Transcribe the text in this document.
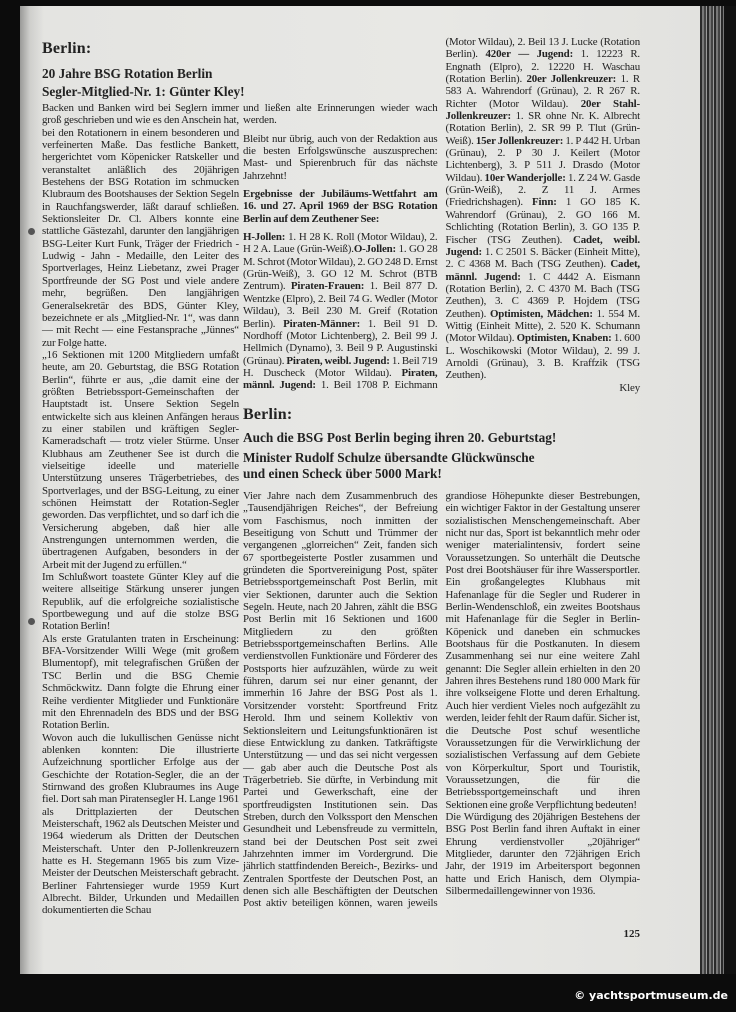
Berlin:
20 Jahre BSG Rotation Berlin
Segler-Mitglied-Nr. 1: Günter Kley!

Backen und Banken wird bei Seglern immer groß geschrieben und wie es den Anschein hat, bei den Rotationern in einem besonderen und verfeinerten Maße. Das festliche Bankett, hergerichtet vom Köpenicker Ratskeller und veranstaltet anläßlich des 20jährigen Bestehens der BSG Rotation im schmucken Klubraum des Bootshauses der Sektion Segeln in Rauchfangswerder, läßt darauf schließen. Sektionsleiter Dr. Cl. Albers konnte eine stattliche Gästezahl, darunter den langjährigen BSG-Leiter Kurt Funk, Träger der Friedrich - Ludwig - Jahn - Medaille, den Leiter des Sportverlages, Heinz Liebetanz, zwei Prager Sportfreunde der SG Post und viele andere mehr, begrüßen. Den langjährigen Generalsekretär des BDS, Günter Kley, bezeichnete er als „Mitglied-Nr. 1“, was dann — mit Recht — eine Festansprache „Jünnes“ zur Folge hatte.

„16 Sektionen mit 1200 Mitgliedern umfaßt heute, am 20. Geburtstag, die BSG Rotation Berlin“, führte er aus, „die damit eine der größten Betriebssport-Gemeinschaften der Hauptstadt ist. Unsere Sektion Segeln entwickelte sich aus kleinen Anfängen heraus zu einer stabilen und kräftigen Segler-Kameradschaft — trotz vieler Stürme. Unser Klubhaus am Zeuthener See ist durch die vielseitige ideelle und materielle Unterstützung unseres Trägerbetriebes, des Sportverlages, und der BSG-Leitung, zu einer schönen Heimstatt der Rotation-Segler geworden. Das verpflichtet, und so darf ich die Versicherung abgeben, daß hier alle Anstrengungen unternommen werden, die übertragenen Aufgaben, besonders in der Arbeit mit der Jugend zu erfüllen.“

Im Schlußwort toastete Günter Kley auf die weitere allseitige Stärkung unserer jungen Republik, auf die erfolgreiche sozialistische Sportbewegung und auf die stolze BSG Rotation Berlin!

Als erste Gratulanten traten in Erscheinung: BFA-Vorsitzender Willi Wege (mit großem Blumentopf), mit telegrafischen Grüßen der TSC Berlin und die BSG Chemie Schmöckwitz. Dann folgte die Ehrung einer Reihe verdienter Mitglieder und Funktionäre mit den Ehrennadeln des BDS und der BSG Rotation Berlin.

Wovon auch die lukullischen Genüsse nicht ablenken konnten: Die illustrierte Aufzeichnung sportlicher Erfolge aus der Geschichte der Rotation-Segler, die an der Stirnwand des großen Klubraumes ins Auge fiel. Dort sah man Piratensegler H. Lange 1961 als Drittplazierten der Deutschen Meisterschaft, 1962 als Deutschen Meister und 1964 wiederum als Dritten der Deutschen Meisterschaft. Unter den P-Jollenkreuzern hatte es H. Stegemann 1965 bis zum Vize-Meister der Deutschen Meisterschaft gebracht. Berliner Fahrtensieger wurde 1959 Kurt Albrecht. Bilder, Urkunden und Medaillen dokumentierten die Schau

und ließen alte Erinnerungen wieder wach werden.

Bleibt nur übrig, auch von der Redaktion aus die besten Erfolgswünsche auszusprechen: Mast- und Spierenbruch für das nächste Jahrzehnt!

Ergebnisse der Jubiläums-Wettfahrt am 16. und 27. April 1969 der BSG Rotation Berlin auf dem Zeuthener See:

H-Jollen: 1. H 28 K. Roll (Motor Wildau), 2. H 2 A. Laue (Grün-Weiß).O-Jollen: 1. GO 28 M. Schrot (Motor Wildau), 2. GO 248 D. Ernst (Grün-Weiß), 3. GO 12 M. Schrot (BTB Zentrum). Piraten-Frauen: 1. Beil 877 D. Wentzke (Elpro), 2. Beil 74 G. Wedler (Motor Wildau), 3. Beil 230 M. Greif (Rotation Berlin). Piraten-Männer: 1. Beil 91 D. Nordhoff (Motor Lichtenberg), 2. Beil 99 J. Hellmich (Dynamo), 3. Beil 9 P. Augustinski (Grünau). Piraten, weibl. Jugend: 1. Beil 719 H. Duscheck (Motor Wildau). Piraten, männl. Jugend: 1. Beil 1708 P. Eichmann (Motor Wildau), 2. Beil 13 J. Lucke (Rotation Berlin). 420er — Jugend: 1. 12223 R. Engnath (Elpro), 2. 12220 H. Waschau (Rotation Berlin). 20er Jollenkreuzer: 1. R 583 A. Wahrendorf (Grünau), 2. R 267 R. Richter (Motor Wildau). 20er Stahl-Jollenkreuzer: 1. SR ohne Nr. K. Albrecht (Rotation Berlin), 2. SR 99 P. Tlut (Grün-Weiß). 15er Jollenkreuzer: 1. P 442 H. Urban (Grünau), 2. P 30 J. Keilert (Motor Lichtenberg), 3. P 511 J. Drasdo (Motor Wildau). 10er Wanderjolle: 1. Z 24 W. Gasde (Grün-Weiß), 2. Z 11 J. Armes (Friedrichshagen). Finn: 1 GO 185 K. Wahrendorf (Grünau), 2. GO 166 M. Schlichting (Rotation Berlin), 3. GO 135 P. Fischer (TSG Zeuthen). Cadet, weibl. Jugend: 1. C 2501 S. Bäcker (Einheit Mitte), 2. C 4368 M. Bach (TSG Zeuthen). Cadet, männl. Jugend: 1. C 4442 A. Eismann (Rotation Berlin), 2. C 4370 M. Bach (TSG Zeuthen), 3. C 4369 P. Hojdem (TSG Zeuthen). Optimisten, Mädchen: 1. 554 M. Wittig (Einheit Mitte), 2. 520 K. Schumann (Motor Wildau). Optimisten, Knaben: 1. 600 L. Woschikowski (Motor Wildau), 2. 99 J. Arnoldi (Grünau), 3. B. Kraffzik (TSG Zeuthen).

Kley

Berlin:
Auch die BSG Post Berlin beging ihren 20. Geburtstag!
Minister Rudolf Schulze übersandte Glückwünsche
und einen Scheck über 5000 Mark!

Vier Jahre nach dem Zusammenbruch des „Tausendjährigen Reiches“, der Befreiung vom Faschismus, noch inmitten der Beseitigung von Schutt und Trümmer der vergangenen „glorreichen“ Zeit, fanden sich 67 sportbegeisterte Postler zusammen und gründeten die Sportvereinigung Post, später Betriebssportgemeinschaft Post Berlin, mit vier Sektionen, darunter auch die Sektion Segeln. Heute, nach 20 Jahren, zählt die BSG Post Berlin mit 16 Sektionen und 1600 Mitgliedern zu den größten Betriebssportgemeinschaften Berlins. Alle verdienstvollen Funktionäre und Förderer des Postsports hier aufzuzählen, würde zu weit führen, darum sei nur einer genannt, der immerhin 16 Jahre der BSG Post als 1. Vorsitzender vorsteht: Sportfreund Fritz Herold. Ihm und seinem Kollektiv von Sektionsleitern und Leitungsfunktionären ist diese Entwicklung zu danken. Tatkräftigste Unterstützung — und das sei nicht vergessen — gab aber auch die Deutsche Post als Trägerbetrieb. Sie dürfte, in Verbindung mit Partei und Gewerkschaft, eine der sportfreudigsten Institutionen sein. Das Streben, durch den Volkssport den Menschen Gesundheit und Lebensfreude zu vermitteln, stand bei der Deutschen Post seit zwei Jahrzehnten immer im Vordergrund. Die jährlich stattfindenden Bereich-, Bezirks- und Zentralen Sportfeste der Deutschen Post, an denen sich alle Beschäftigten der Deutschen Post aktiv beteiligen können, waren jeweils grandiose Höhepunkte dieser Bestrebungen, ein wichtiger Faktor in der Gestaltung unserer sozialistischen Menschengemeinschaft. Aber nicht nur das, Sport ist bekanntlich mehr oder weniger materialintensiv, fordert seine Voraussetzungen. So unterhält die Deutsche Post drei Bootshäuser für ihre Wassersportler. Ein großangelegtes Klubhaus mit Hafenanlage für die Segler und Ruderer in Berlin-Wendenschloß, ein zweites Bootshaus mit Hafenanlage für die Segler in Berlin-Köpenick und daneben ein schmuckes Bootshaus für die Postkanuten. In diesem Zusammenhang sei nur eine weitere Zahl genannt: Die Segler allein erhielten in den 20 Jahren ihres Bestehens rund 180 000 Mark für ihre volkseigene Flotte und deren Erhaltung. Auch hier verdient Vieles noch aufgezählt zu werden, leider fehlt der Raum dafür. Sicher ist, die Deutsche Post schuf wesentliche Voraussetzungen für die Verwirklichung der sozialistischen Verfassung auf dem Gebiete von Körperkultur, Sport und Touristik, Voraussetzungen, die für die Betriebssportgemeinschaft und ihren Sektionen eine große Verpflichtung bedeuten!

Die Würdigung des 20jährigen Bestehens der BSG Post Berlin fand ihren Auftakt in einer Ehrung verdienstvoller „20jähriger“ Mitglieder, darunter den 72jährigen Erich Jahr, der 1919 im Arbeitersport begonnen hatte und Erich Hanisch, dem Olympia-Silbermedaillengewinner von 1936.

125
© yachtsportmuseum.de
